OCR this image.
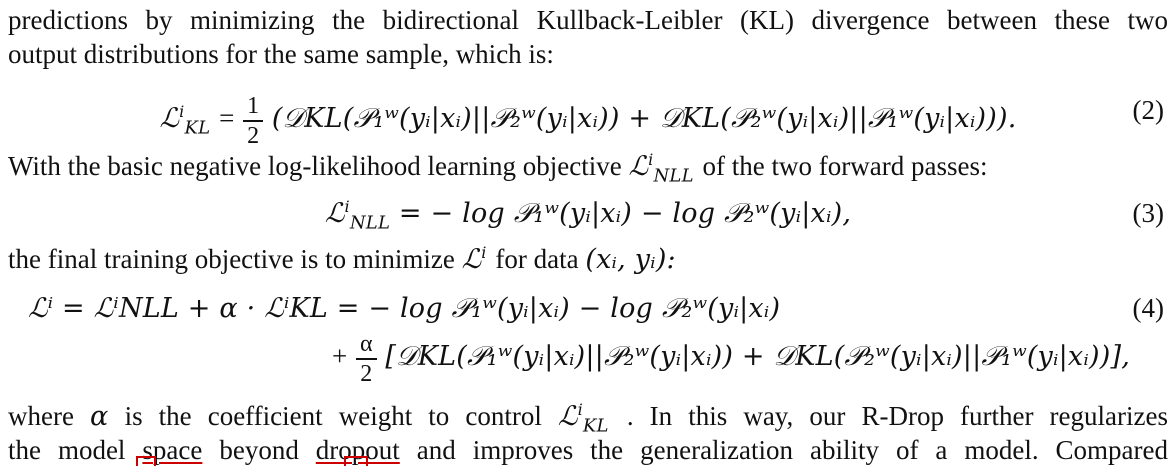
predictions by minimizing the bidirectional Kullback-Leibler (KL) divergence between these two
output distributions for the same sample, which is:
ℒ$^i_{KL}$ = $\frac{1}{2}$ (𝒟KL(𝒫₁ʷ(yᵢ|xᵢ)||𝒫₂ʷ(yᵢ|xᵢ)) + 𝒟KL(𝒫₂ʷ(yᵢ|xᵢ)||𝒫₁ʷ(yᵢ|xᵢ))).	(2)
With the basic negative log-likelihood learning objective ℒ$^i_{NLL}$ of the two forward passes:
ℒ$^i_{NLL}$ = − log 𝒫₁ʷ(yᵢ|xᵢ) − log 𝒫₂ʷ(yᵢ|xᵢ),	(3)
the final training objective is to minimize ℒ$^i$ for data (xᵢ, yᵢ):
ℒⁱ = ℒⁱNLL + α · ℒⁱKL = − log 𝒫₁ʷ(yᵢ|xᵢ) − log 𝒫₂ʷ(yᵢ|xᵢ)	(4)
+ $\frac{\alpha}{2}$ [𝒟KL(𝒫₁ʷ(yᵢ|xᵢ)||𝒫₂ʷ(yᵢ|xᵢ)) + 𝒟KL(𝒫₂ʷ(yᵢ|xᵢ)||𝒫₁ʷ(yᵢ|xᵢ))],
where α is the coefficient weight to control ℒ$^i_{KL}$ . In this way, our R-Drop further regularizes
the model space beyond dropout and improves the generalization ability of a model. Compared
